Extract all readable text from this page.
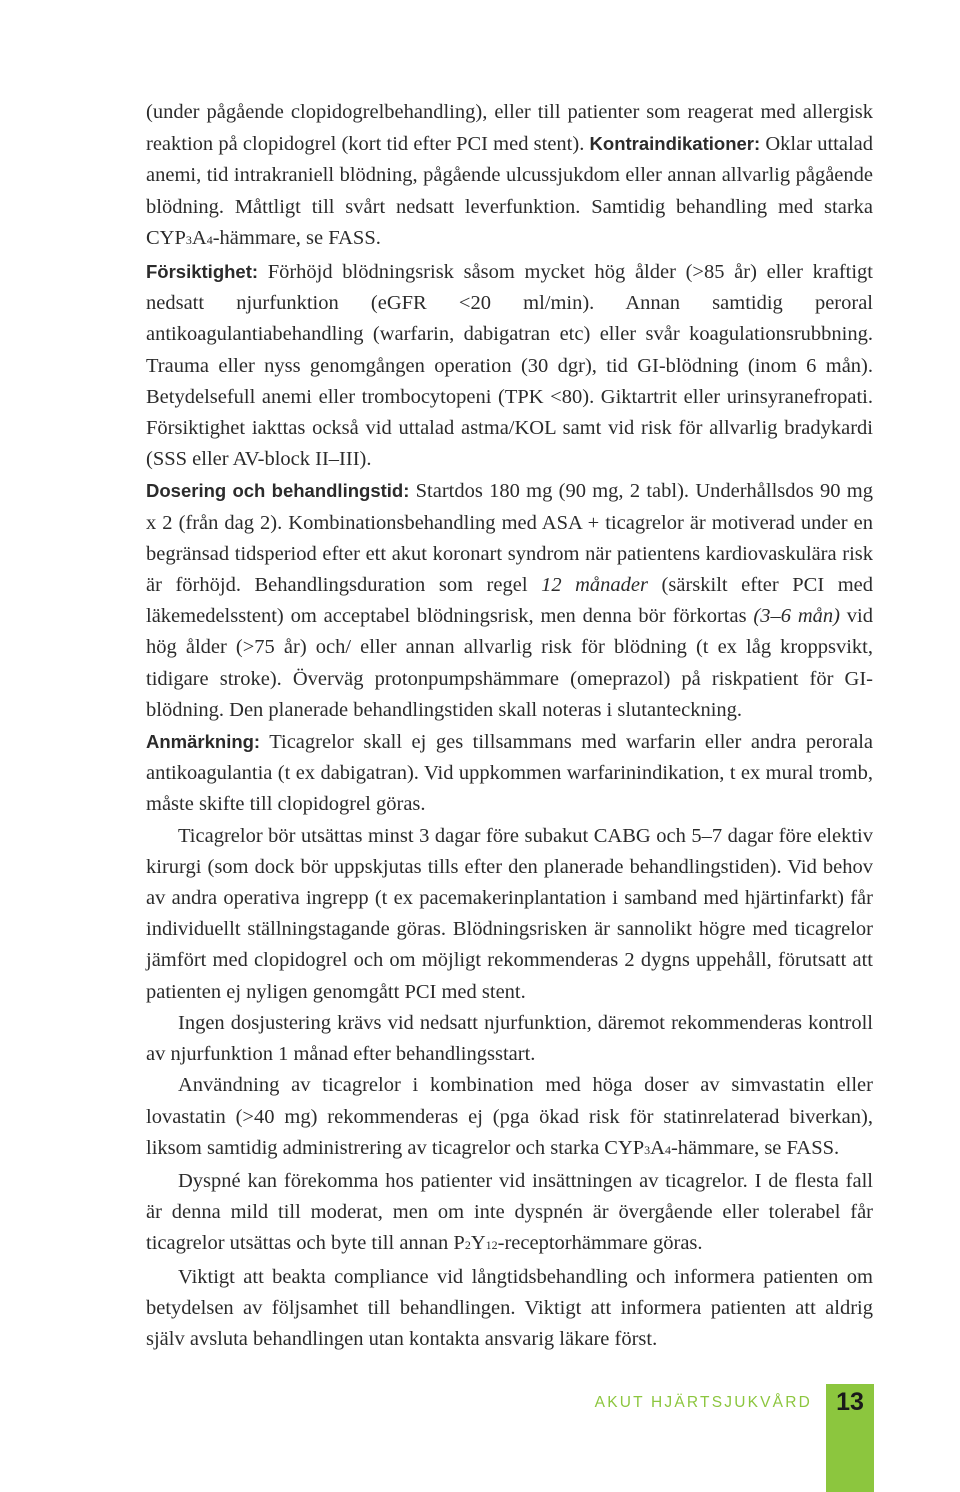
(under pågående clopidogrelbehandling), eller till patienter som reagerat med allergisk reaktion på clopidogrel (kort tid efter PCI med stent). Kontraindikationer: Oklar uttalad anemi, tid intrakraniell blödning, pågående ulcussjukdom eller annan allvarlig pågående blödning. Måttligt till svårt nedsatt leverfunktion. Samtidig behandling med starka CYP3A4-hämmare, se FASS.

Försiktighet: Förhöjd blödningsrisk såsom mycket hög ålder (>85 år) eller kraftigt nedsatt njurfunktion (eGFR <20 ml/min). Annan samtidig peroral antikoagulantiabehandling (warfarin, dabigatran etc) eller svår koagulationsrubbning. Trauma eller nyss genomgången operation (30 dgr), tid GI-blödning (inom 6 mån). Betydelsefull anemi eller trombocytopeni (TPK <80). Giktartrit eller urinsyranefropati. Försiktighet iakttas också vid uttalad astma/KOL samt vid risk för allvarlig bradykardi (SSS eller AV-block II–III).

Dosering och behandlingstid: Startdos 180 mg (90 mg, 2 tabl). Underhållsdos 90 mg x 2 (från dag 2). Kombinationsbehandling med ASA + ticagrelor är motiverad under en begränsad tidsperiod efter ett akut koronart syndrom när patientens kardiovaskulära risk är förhöjd. Behandlingsduration som regel 12 månader (särskilt efter PCI med läkemedelsstent) om acceptabel blödningsrisk, men denna bör förkortas (3–6 mån) vid hög ålder (>75 år) och/ eller annan allvarlig risk för blödning (t ex låg kroppsvikt, tidigare stroke). Överväg protonpumpshämmare (omeprazol) på riskpatient för GI-blödning. Den planerade behandlingstiden skall noteras i slutanteckning.

Anmärkning: Ticagrelor skall ej ges tillsammans med warfarin eller andra perorala antikoagulantia (t ex dabigatran). Vid uppkommen warfarinindikation, t ex mural tromb, måste skifte till clopidogrel göras.

Ticagrelor bör utsättas minst 3 dagar före subakut CABG och 5–7 dagar före elektiv kirurgi (som dock bör uppskjutas tills efter den planerade behandlingstiden). Vid behov av andra operativa ingrepp (t ex pacemakerinplantation i samband med hjärtinfarkt) får individuellt ställningstagande göras. Blödningsrisken är sannolikt högre med ticagrelor jämfört med clopidogrel och om möjligt rekommenderas 2 dygns uppehåll, förutsatt att patienten ej nyligen genomgått PCI med stent.

Ingen dosjustering krävs vid nedsatt njurfunktion, däremot rekommenderas kontroll av njurfunktion 1 månad efter behandlingsstart.

Användning av ticagrelor i kombination med höga doser av simvastatin eller lovastatin (>40 mg) rekommenderas ej (pga ökad risk för statinrelaterad biverkan), liksom samtidig administrering av ticagrelor och starka CYP3A4-hämmare, se FASS.

Dyspné kan förekomma hos patienter vid insättningen av ticagrelor. I de flesta fall är denna mild till moderat, men om inte dyspnén är övergående eller tolerabel får ticagrelor utsättas och byte till annan P2Y12-receptorhämmare göras.

Viktigt att beakta compliance vid långtidsbehandling och informera patienten om betydelsen av följsamhet till behandlingen. Viktigt att informera patienten att aldrig själv avsluta behandlingen utan kontakta ansvarig läkare först.

AKUT HJÄRTSJUKVÅRD 13
